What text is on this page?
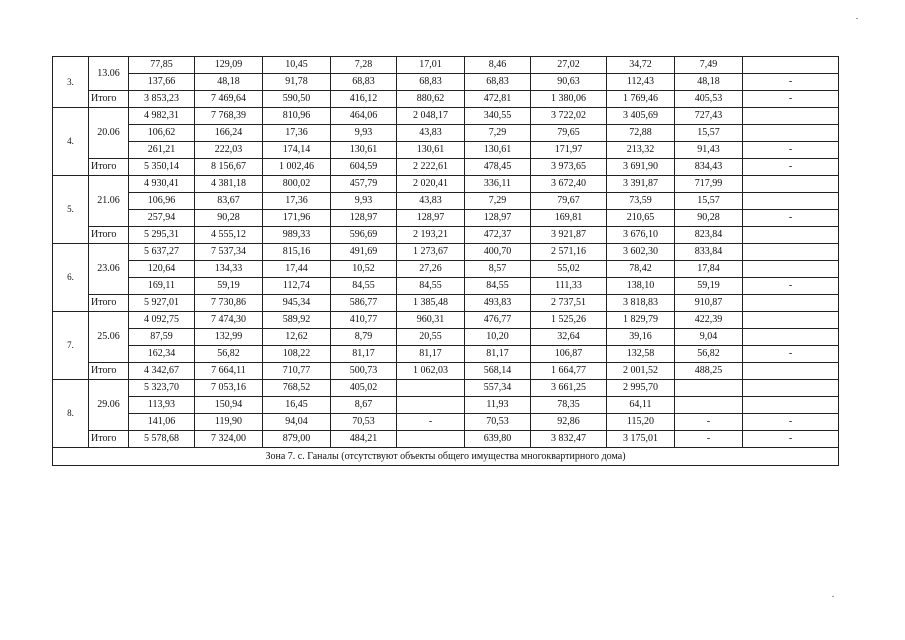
3.	13.06	77,85	129,09	10,45	7,28	17,01	8,46	27,02	34,72	7,49	
		137,66	48,18	91,78	68,83	68,83	68,83	90,63	112,43	48,18	-
	Итого	3 853,23	7 469,64	590,50	416,12	880,62	472,81	1 380,06	1 769,46	405,53	-
4.	20.06	4 982,31	7 768,39	810,96	464,06	2 048,17	340,55	3 722,02	3 405,69	727,43	
		106,62	166,24	17,36	9,93	43,83	7,29	79,65	72,88	15,57	
		261,21	222,03	174,14	130,61	130,61	130,61	171,97	213,32	91,43	-
	Итого	5 350,14	8 156,67	1 002,46	604,59	2 222,61	478,45	3 973,65	3 691,90	834,43	-
5.	21.06	4 930,41	4 381,18	800,02	457,79	2 020,41	336,11	3 672,40	3 391,87	717,99	
		106,96	83,67	17,36	9,93	43,83	7,29	79,67	73,59	15,57	
		257,94	90,28	171,96	128,97	128,97	128,97	169,81	210,65	90,28	-
	Итого	5 295,31	4 555,12	989,33	596,69	2 193,21	472,37	3 921,87	3 676,10	823,84	
6.	23.06	5 637,27	7 537,34	815,16	491,69	1 273,67	400,70	2 571,16	3 602,30	833,84	
		120,64	134,33	17,44	10,52	27,26	8,57	55,02	78,42	17,84	
		169,11	59,19	112,74	84,55	84,55	84,55	111,33	138,10	59,19	-
	Итого	5 927,01	7 730,86	945,34	586,77	1 385,48	493,83	2 737,51	3 818,83	910,87	
7.	25.06	4 092,75	7 474,30	589,92	410,77	960,31	476,77	1 525,26	1 829,79	422,39	
		87,59	132,99	12,62	8,79	20,55	10,20	32,64	39,16	9,04	
		162,34	56,82	108,22	81,17	81,17	81,17	106,87	132,58	56,82	-
	Итого	4 342,67	7 664,11	710,77	500,73	1 062,03	568,14	1 664,77	2 001,52	488,25	
8.	29.06	5 323,70	7 053,16	768,52	405,02		557,34	3 661,25	2 995,70		
		113,93	150,94	16,45	8,67		11,93	78,35	64,11		
		141,06	119,90	94,04	70,53	-	70,53	92,86	115,20	-	-
	Итого	5 578,68	7 324,00	879,00	484,21		639,80	3 832,47	3 175,01	-	-
Зона 7. с. Ганалы (отсутствуют объекты общего имущества многоквартирного дома)											
